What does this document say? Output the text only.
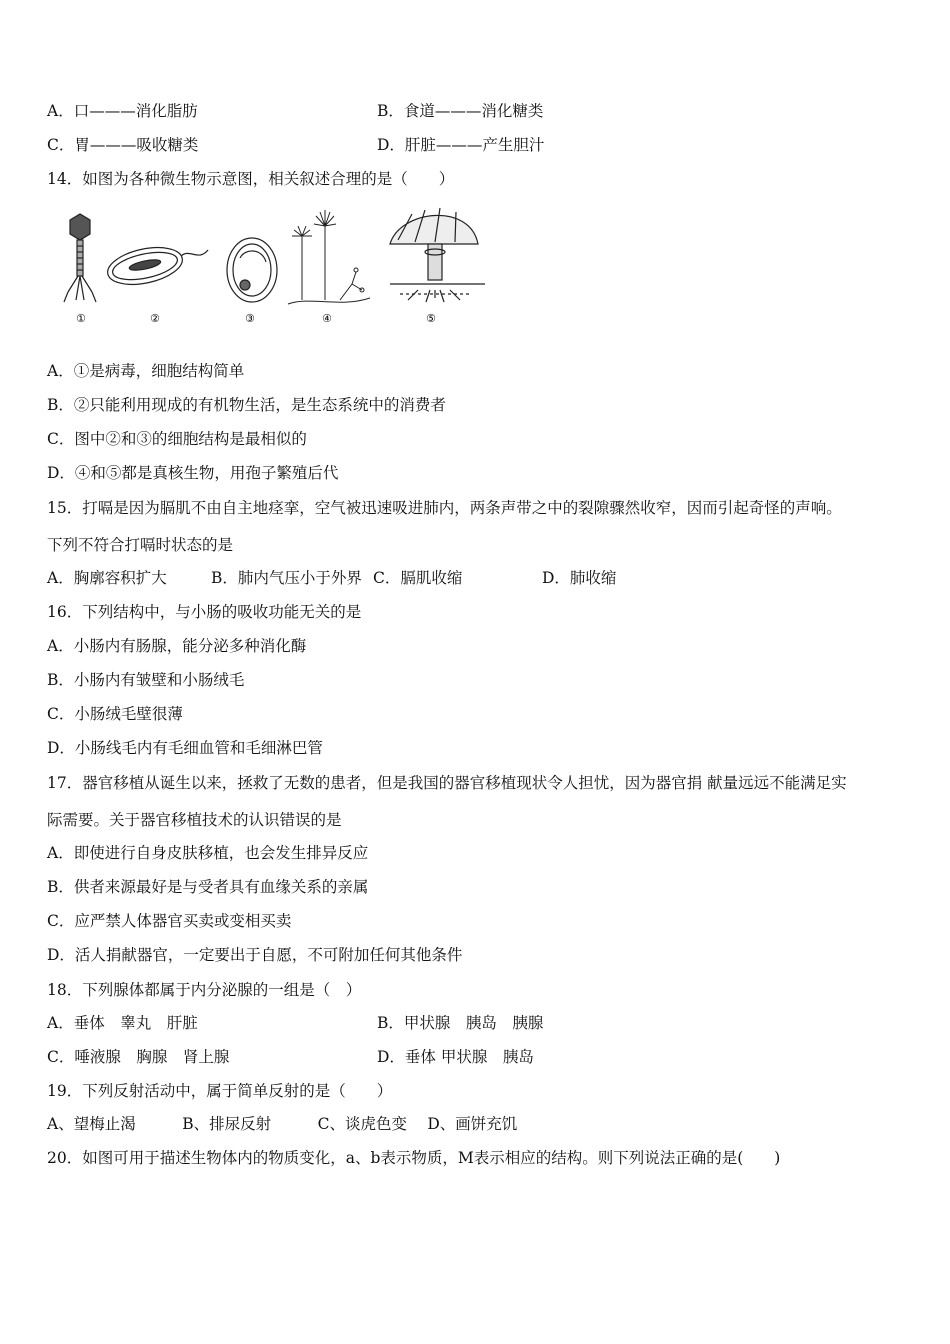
A．口———消化脂肪	B．食道———消化糖类
C．胃———吸收糖类	D．肝脏———产生胆汁
14．如图为各种微生物示意图，相关叙述合理的是（　　）
①	②	③	④	⑤
A．①是病毒，细胞结构简单
B．②只能利用现成的有机物生活，是生态系统中的消费者
C．图中②和③的细胞结构是最相似的
D．④和⑤都是真核生物，用孢子繁殖后代
15．打嗝是因为膈肌不由自主地痉挛，空气被迅速吸进肺内，两条声带之中的裂隙骤然收窄，因而引起奇怪的声响。
下列不符合打嗝时状态的是
A．胸廓容积扩大	B．肺内气压小于外界 C．膈肌收缩	D．肺收缩
16．下列结构中，与小肠的吸收功能无关的是
A．小肠内有肠腺，能分泌多种消化酶
B．小肠内有皱壁和小肠绒毛
C．小肠绒毛壁很薄
D．小肠线毛内有毛细血管和毛细淋巴管
17．器官移植从诞生以来，拯救了无数的患者，但是我国的器官移植现状令人担忧，因为器官捐 献量远远不能满足实
际需要。关于器官移植技术的认识错误的是
A．即使进行自身皮肤移植，也会发生排异反应
B．供者来源最好是与受者具有血缘关系的亲属
C．应严禁人体器官买卖或变相买卖
D．活人捐献器官，一定要出于自愿，不可附加任何其他条件
18．下列腺体都属于内分泌腺的一组是（　）
A．垂体　睾丸　肝脏	B．甲状腺　胰岛　胰腺
C．唾液腺　胸腺　肾上腺	D．垂体 甲状腺　胰岛
19．下列反射活动中，属于简单反射的是（　　）
A、望梅止渴　　　B、排尿反射　　　C、谈虎色变　 D、画饼充饥
20．如图可用于描述生物体内的物质变化，a、b表示物质，M表示相应的结构。则下列说法正确的是(　　)
